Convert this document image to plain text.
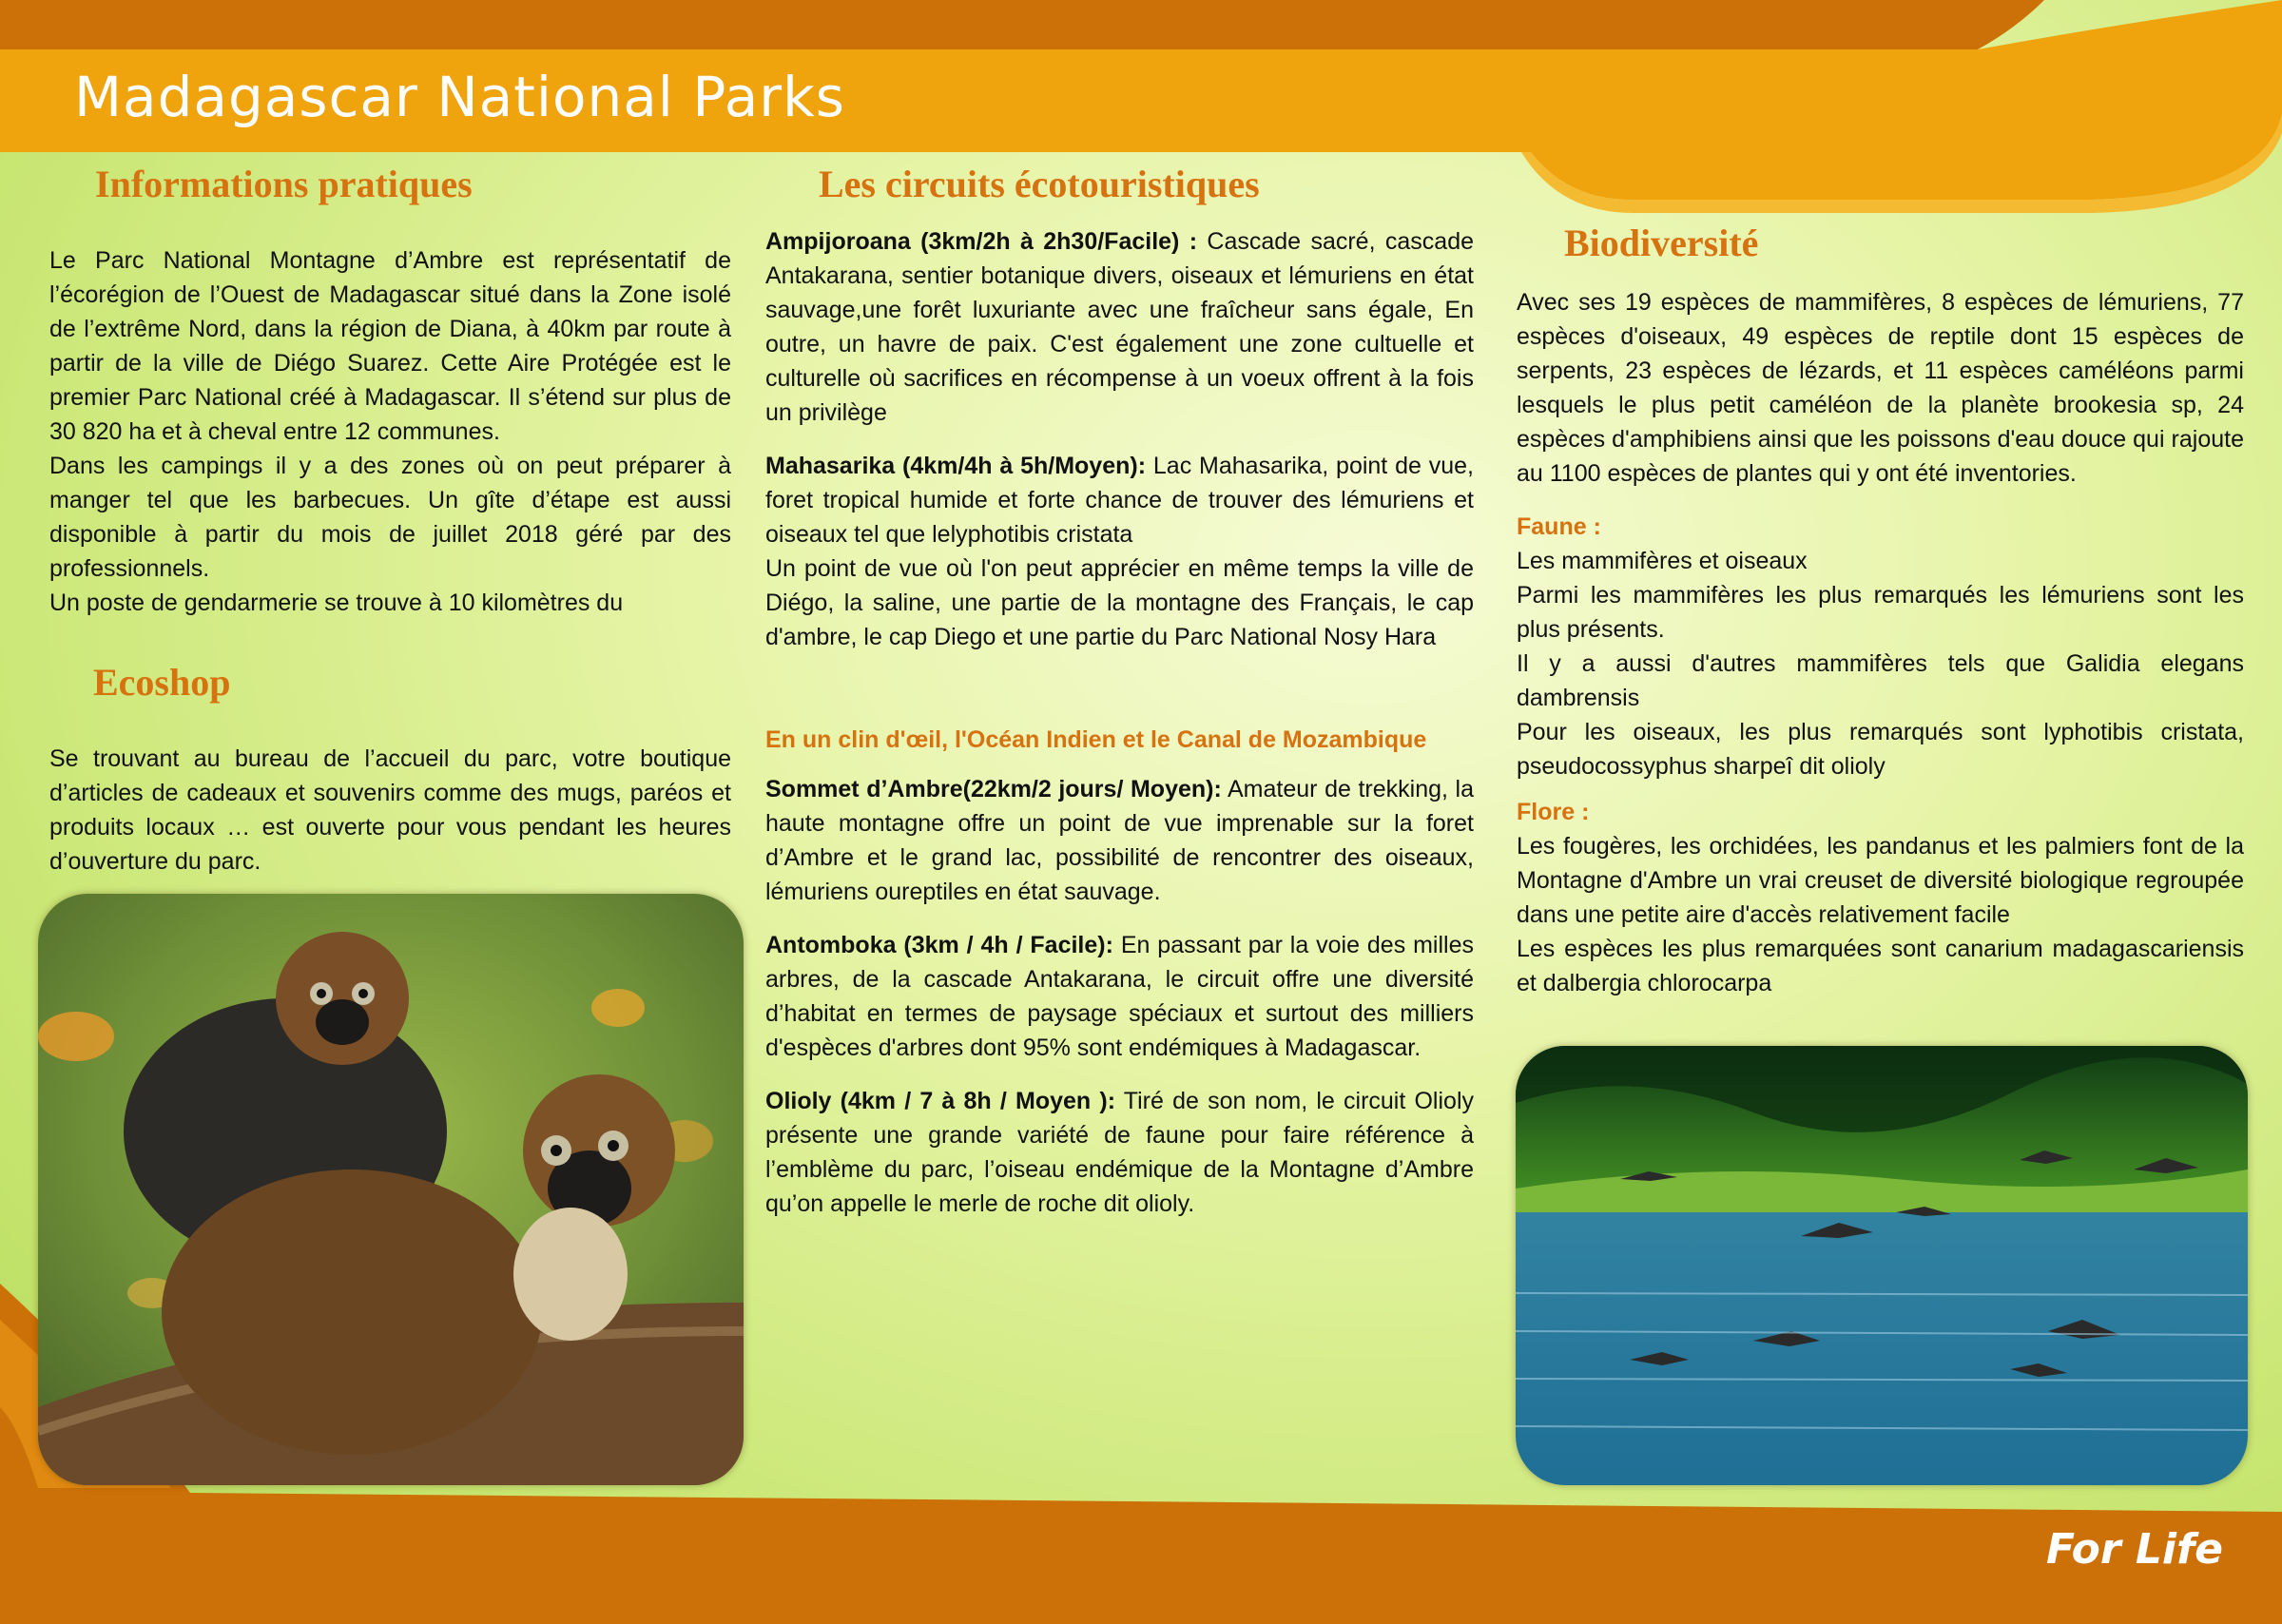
Madagascar National Parks
Informations pratiques

Le Parc National Montagne d’Ambre est représentatif de l’écorégion de l’Ouest de Madagascar situé dans la Zone isolé de l’extrême Nord, dans la région de Diana, à 40km par route à partir de la ville de Diégo Suarez. Cette Aire Protégée est le premier Parc National créé à Madagascar. Il s’étend sur plus de 30 820 ha et à cheval entre 12 communes.

Dans les campings il y a des zones où on peut préparer à manger tel que les barbecues. Un gîte d’étape est aussi disponible à partir du mois de juillet 2018 géré par des professionnels.

Un poste de gendarmerie se trouve à 10 kilomètres du

Ecoshop

Se trouvant au bureau de l’accueil du parc, votre boutique d’articles de cadeaux et souvenirs comme des mugs, paréos et produits locaux … est ouverte pour vous pendant les heures d’ouverture du parc.

Les circuits écotouristiques

Ampijoroana (3km/2h à 2h30/Facile) : Cascade sacré, cascade Antakarana, sentier botanique divers, oiseaux et lémuriens en état sauvage,une forêt luxuriante avec une fraîcheur sans égale, En outre, un havre de paix. C'est également une zone cultuelle et culturelle où sacrifices en récompense à un voeux offrent à la fois un privilège

Mahasarika (4km/4h à 5h/Moyen): Lac Mahasarika, point de vue, foret tropical humide et forte chance de trouver des lémuriens et oiseaux tel que lelyphotibis cristata

Un point de vue où l'on peut apprécier en même temps la ville de Diégo, la saline, une partie de la montagne des Français, le cap d'ambre, le cap Diego et une partie du Parc National Nosy Hara

En un clin d'œil, l'Océan Indien et le Canal de Mozambique

Sommet d’Ambre(22km/2 jours/ Moyen): Amateur de trekking, la haute montagne offre un point de vue imprenable sur la foret d’Ambre et le grand lac, possibilité de rencontrer des oiseaux, lémuriens oureptiles en état sauvage.

Antomboka (3km / 4h / Facile): En passant par la voie des milles arbres, de la cascade Antakarana, le circuit offre une diversité d’habitat en termes de paysage spéciaux et surtout des milliers d'espèces d'arbres dont 95% sont endémiques à Madagascar.

Olioly (4km / 7 à 8h / Moyen ): Tiré de son nom, le circuit Olioly présente une grande variété de faune pour faire référence à l’emblème du parc, l’oiseau endémique de la Montagne d’Ambre qu’on appelle le merle de roche dit olioly.

Biodiversité

Avec ses 19 espèces de mammifères, 8 espèces de lémuriens, 77 espèces d'oiseaux, 49 espèces de reptile dont 15 espèces de serpents, 23 espèces de lézards, et 11 espèces caméléons parmi lesquels le plus petit caméléon de la planète brookesia sp, 24 espèces d'amphibiens ainsi que les poissons d'eau douce qui rajoute au 1100 espèces de plantes qui y ont été inventories.

Faune :

Les mammifères et oiseaux

Parmi les mammifères les plus remarqués les lémuriens sont les plus présents.

Il y a aussi d'autres mammifères tels que Galidia elegans dambrensis

Pour les oiseaux, les plus remarqués sont lyphotibis cristata, pseudocossyphus sharpeî dit olioly

Flore :

Les fougères, les orchidées, les pandanus et les palmiers font de la Montagne d'Ambre un vrai creuset de diversité biologique regroupée dans une petite aire d'accès relativement facile

Les espèces les plus remarquées sont canarium madagascariensis et dalbergia chlorocarpa

For Life
